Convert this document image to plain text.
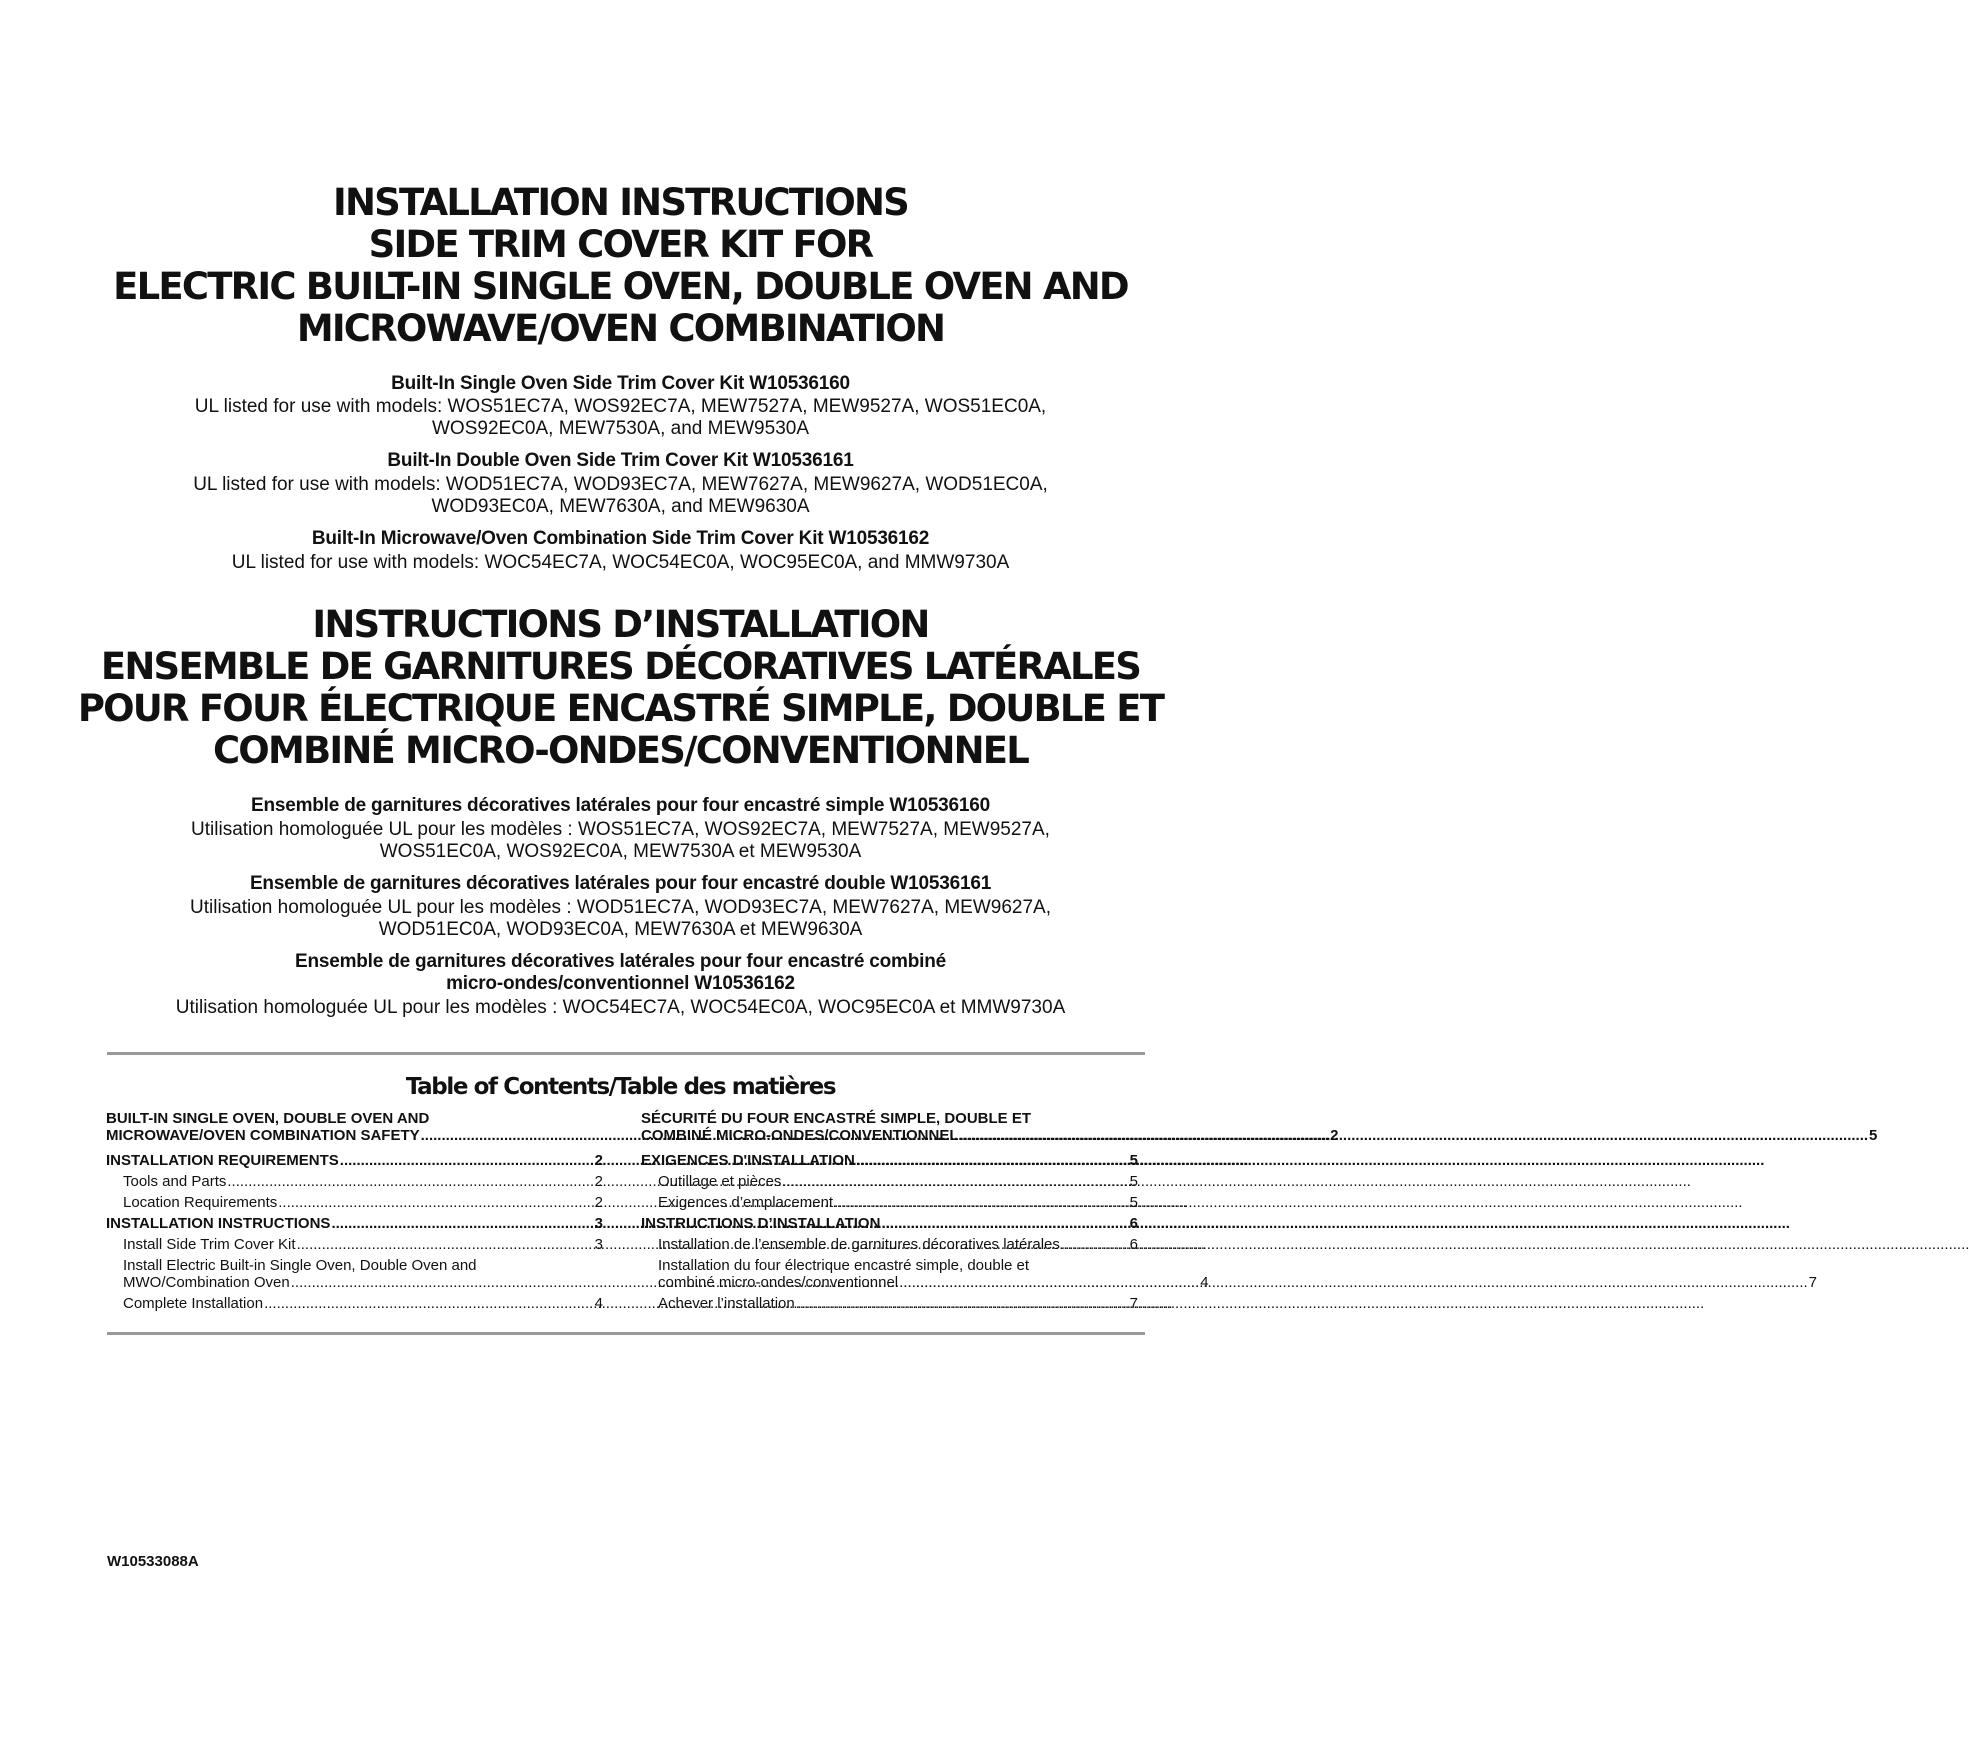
INSTALLATION INSTRUCTIONS
SIDE TRIM COVER KIT FOR
ELECTRIC BUILT-IN SINGLE OVEN, DOUBLE OVEN AND
MICROWAVE/OVEN COMBINATION
Built-In Single Oven Side Trim Cover Kit W10536160
UL listed for use with models: WOS51EC7A, WOS92EC7A, MEW7527A, MEW9527A, WOS51EC0A,
WOS92EC0A, MEW7530A, and MEW9530A
Built-In Double Oven Side Trim Cover Kit W10536161
UL listed for use with models: WOD51EC7A, WOD93EC7A, MEW7627A, MEW9627A, WOD51EC0A,
WOD93EC0A, MEW7630A, and MEW9630A
Built-In Microwave/Oven Combination Side Trim Cover Kit W10536162
UL listed for use with models: WOC54EC7A, WOC54EC0A, WOC95EC0A, and MMW9730A
INSTRUCTIONS D’INSTALLATION
ENSEMBLE DE GARNITURES DÉCORATIVES LATÉRALES
POUR FOUR ÉLECTRIQUE ENCASTRÉ SIMPLE, DOUBLE ET
COMBINÉ MICRO-ONDES/CONVENTIONNEL
Ensemble de garnitures décoratives latérales pour four encastré simple W10536160
Utilisation homologuée UL pour les modèles : WOS51EC7A, WOS92EC7A, MEW7527A, MEW9527A,
WOS51EC0A, WOS92EC0A, MEW7530A et MEW9530A
Ensemble de garnitures décoratives latérales pour four encastré double W10536161
Utilisation homologuée UL pour les modèles : WOD51EC7A, WOD93EC7A, MEW7627A, MEW9627A,
WOD51EC0A, WOD93EC0A, MEW7630A et MEW9630A
Ensemble de garnitures décoratives latérales pour four encastré combiné
micro-ondes/conventionnel W10536162
Utilisation homologuée UL pour les modèles : WOC54EC7A, WOC54EC0A, WOC95EC0A et MMW9730A
Table of Contents/Table des matières
BUILT-IN SINGLE OVEN, DOUBLE OVEN AND
MICROWAVE/OVEN COMBINATION SAFETY .....	2
INSTALLATION REQUIREMENTS .....	2
Tools and Parts .....	2
Location Requirements .....	2
INSTALLATION INSTRUCTIONS .....	3
Install Side Trim Cover Kit .....	3
Install Electric Built-in Single Oven, Double Oven and
MWO/Combination Oven .....	4
Complete Installation .....	4
SÉCURITÉ DU FOUR ENCASTRÉ SIMPLE, DOUBLE ET
COMBINÉ MICRO-ONDES/CONVENTIONNEL .....	5
EXIGENCES D'INSTALLATION .....	5
Outillage et pièces .....	5
Exigences d’emplacement .....	5
INSTRUCTIONS D’INSTALLATION .....	6
Installation de l’ensemble de garnitures décoratives latérales .....	6
Installation du four électrique encastré simple, double et
combiné micro-ondes/conventionnel .....	7
Achever l’installation .....	7
W10533088A
